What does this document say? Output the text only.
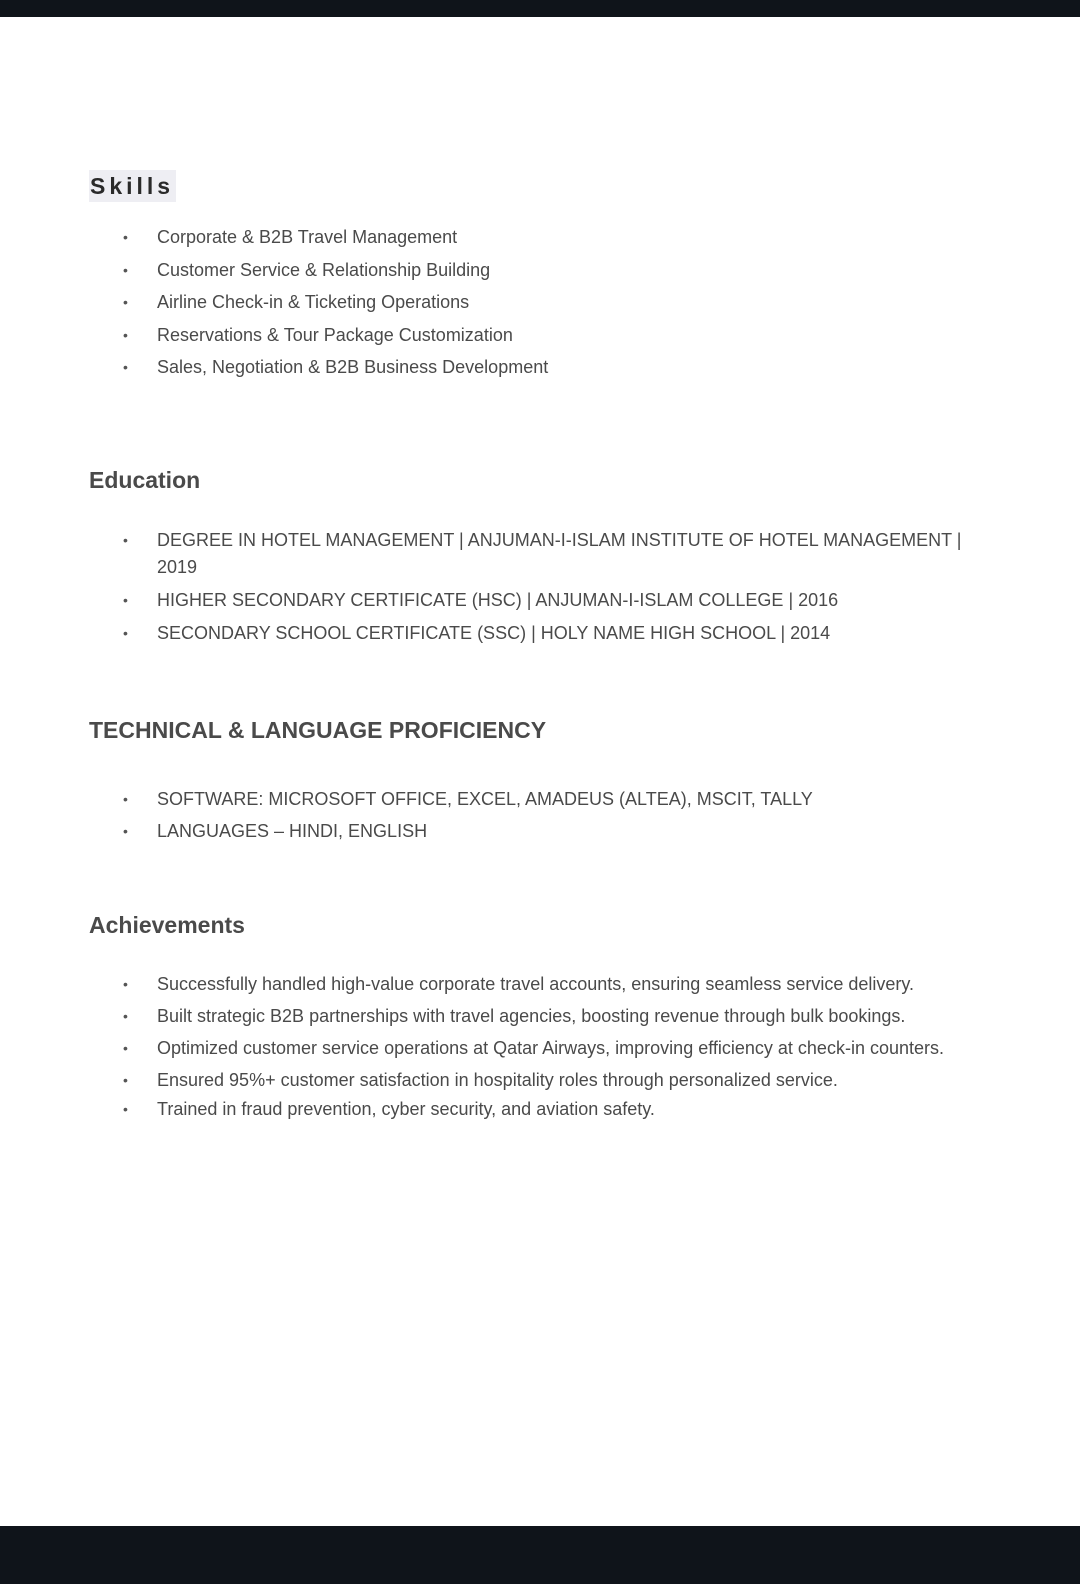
Skills
• Corporate & B2B Travel Management
• Customer Service & Relationship Building
• Airline Check-in & Ticketing Operations
• Reservations & Tour Package Customization
• Sales, Negotiation & B2B Business Development
Education
• DEGREE IN HOTEL MANAGEMENT | ANJUMAN-I-ISLAM INSTITUTE OF HOTEL MANAGEMENT | 2019
• HIGHER SECONDARY CERTIFICATE (HSC) | ANJUMAN-I-ISLAM COLLEGE | 2016
• SECONDARY SCHOOL CERTIFICATE (SSC) | HOLY NAME HIGH SCHOOL | 2014
TECHNICAL & LANGUAGE PROFICIENCY
• SOFTWARE: MICROSOFT OFFICE, EXCEL, AMADEUS (ALTEA), MSCIT, TALLY
• LANGUAGES – HINDI, ENGLISH
Achievements
• Successfully handled high-value corporate travel accounts, ensuring seamless service delivery.
• Built strategic B2B partnerships with travel agencies, boosting revenue through bulk bookings.
• Optimized customer service operations at Qatar Airways, improving efficiency at check-in counters.
• Ensured 95%+ customer satisfaction in hospitality roles through personalized service.
• Trained in fraud prevention, cyber security, and aviation safety.
